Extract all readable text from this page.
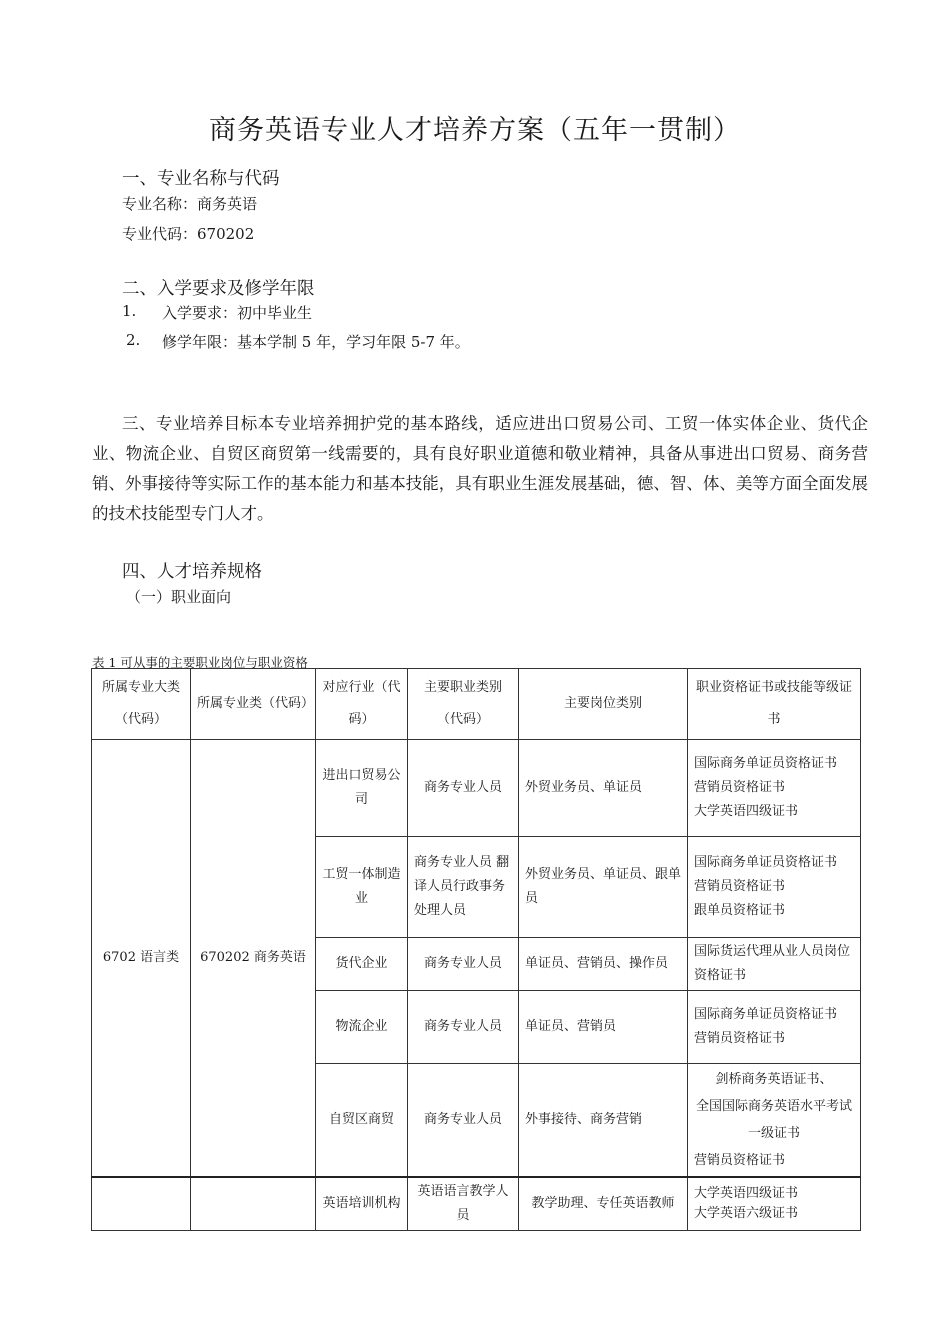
商务英语专业人才培养方案（五年一贯制）
一、专业名称与代码
专业名称：商务英语
专业代码：670202
二、入学要求及修学年限
1. 入学要求：初中毕业生
2. 修学年限：基本学制 5 年，学习年限 5-7 年。
三、专业培养目标本专业培养拥护党的基本路线，适应进出口贸易公司、工贸一体实体企业、货代企业、物流企业、自贸区商贸第一线需要的，具有良好职业道德和敬业精神，具备从事进出口贸易、商务营销、外事接待等实际工作的基本能力和基本技能，具有职业生涯发展基础，德、智、体、美等方面全面发展的技术技能型专门人才。
四、人才培养规格
（一）职业面向
表 1 可从事的主要职业岗位与职业资格
所属专业大类（代码）	所属专业类（代码）	对应行业（代码）	主要职业类别（代码）	主要岗位类别	职业资格证书或技能等级证书
6702 语言类	670202 商务英语	进出口贸易公司	商务专业人员	外贸业务员、单证员	国际商务单证员资格证书
营销员资格证书
大学英语四级证书

		工贸一体制造业	商务专业人员 翻译人员行政事务处理人员	外贸业务员、单证员、跟单员	国际商务单证员资格证书
营销员资格证书
跟单员资格证书

		货代企业	商务专业人员	单证员、营销员、操作员	国际货运代理从业人员岗位资格证书
		物流企业	商务专业人员	单证员、营销员	国际商务单证员资格证书
营销员资格证书

		自贸区商贸	商务专业人员	外事接待、商务营销	剑桥商务英语证书、
全国国际商务英语水平考试一级证书
营销员资格证书

		英语培训机构	英语语言教学人员	教学助理、专任英语教师	大学英语四级证书
大学英语六级证书
